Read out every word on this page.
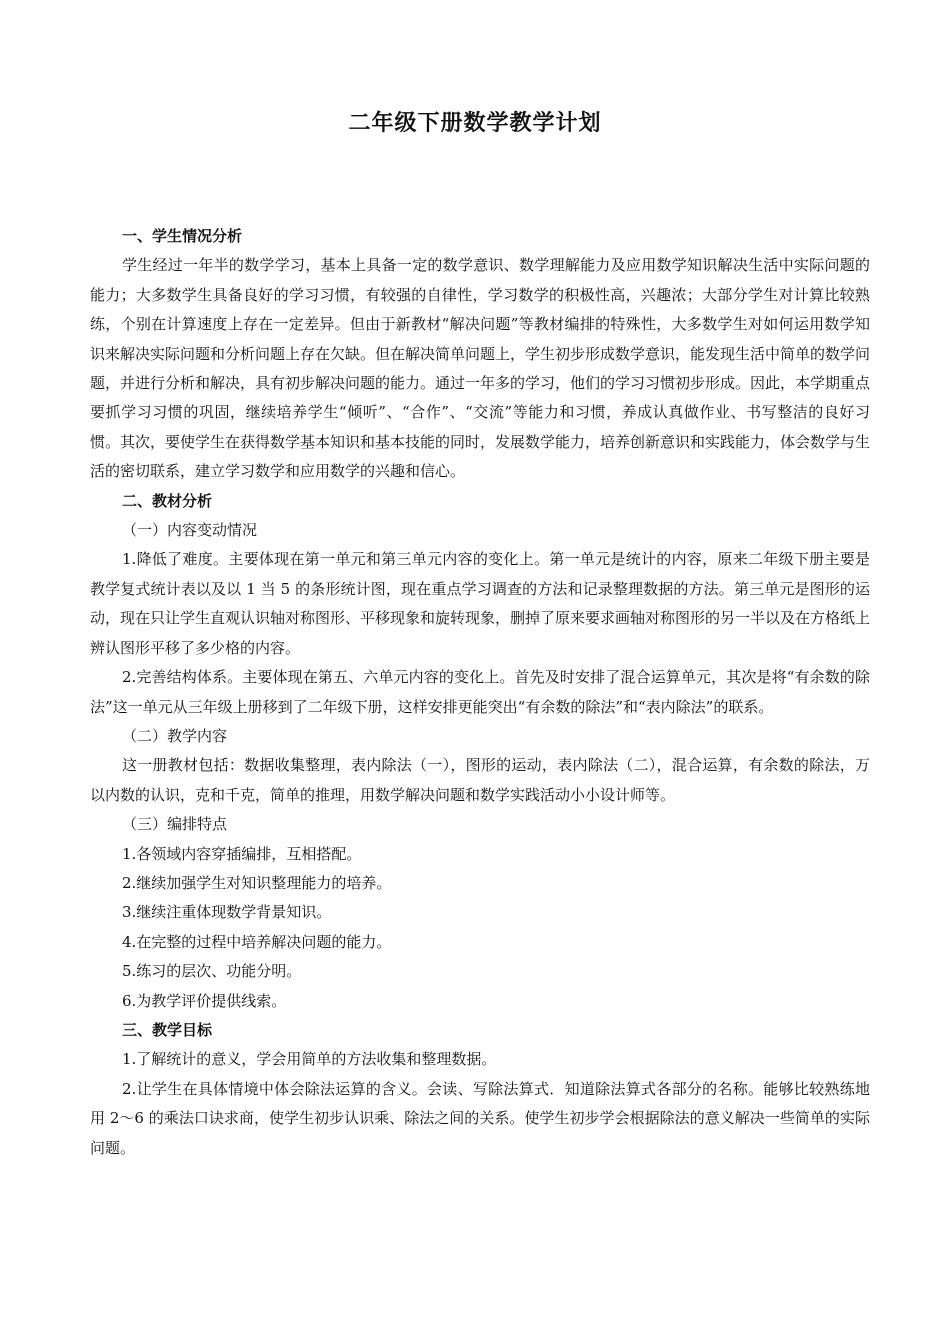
二年级下册数学教学计划

一、学生情况分析

学生经过一年半的数学学习，基本上具备一定的数学意识、数学理解能力及应用数学知识解决生活中实际问题的能力；大多数学生具备良好的学习习惯，有较强的自律性，学习数学的积极性高，兴趣浓；大部分学生对计算比较熟练，个别在计算速度上存在一定差异。但由于新教材“解决问题”等教材编排的特殊性，大多数学生对如何运用数学知识来解决实际问题和分析问题上存在欠缺。但在解决简单问题上，学生初步形成数学意识，能发现生活中简单的数学问题，并进行分析和解决，具有初步解决问题的能力。通过一年多的学习，他们的学习习惯初步形成。因此，本学期重点要抓学习习惯的巩固，继续培养学生“倾听”、“合作”、“交流”等能力和习惯，养成认真做作业、书写整洁的良好习惯。其次，要使学生在获得数学基本知识和基本技能的同时，发展数学能力，培养创新意识和实践能力，体会数学与生活的密切联系，建立学习数学和应用数学的兴趣和信心。

二、教材分析

（一）内容变动情况

1.降低了难度。主要体现在第一单元和第三单元内容的变化上。第一单元是统计的内容，原来二年级下册主要是教学复式统计表以及以 1 当 5 的条形统计图，现在重点学习调查的方法和记录整理数据的方法。第三单元是图形的运动，现在只让学生直观认识轴对称图形、平移现象和旋转现象，删掉了原来要求画轴对称图形的另一半以及在方格纸上辨认图形平移了多少格的内容。

2.完善结构体系。主要体现在第五、六单元内容的变化上。首先及时安排了混合运算单元，其次是将“有余数的除法”这一单元从三年级上册移到了二年级下册，这样安排更能突出“有余数的除法”和“表内除法”的联系。

（二）教学内容

这一册教材包括：数据收集整理，表内除法（一），图形的运动，表内除法（二），混合运算，有余数的除法，万以内数的认识，克和千克，简单的推理，用数学解决问题和数学实践活动小小设计师等。

（三）编排特点

1.各领域内容穿插编排，互相搭配。

2.继续加强学生对知识整理能力的培养。

3.继续注重体现数学背景知识。

4.在完整的过程中培养解决问题的能力。

5.练习的层次、功能分明。

6.为教学评价提供线索。

三、教学目标

1.了解统计的意义，学会用简单的方法收集和整理数据。

2.让学生在具体情境中体会除法运算的含义。会读、写除法算式．知道除法算式各部分的名称。能够比较熟练地用 2～6 的乘法口诀求商，使学生初步认识乘、除法之间的关系。使学生初步学会根据除法的意义解决一些简单的实际问题。
